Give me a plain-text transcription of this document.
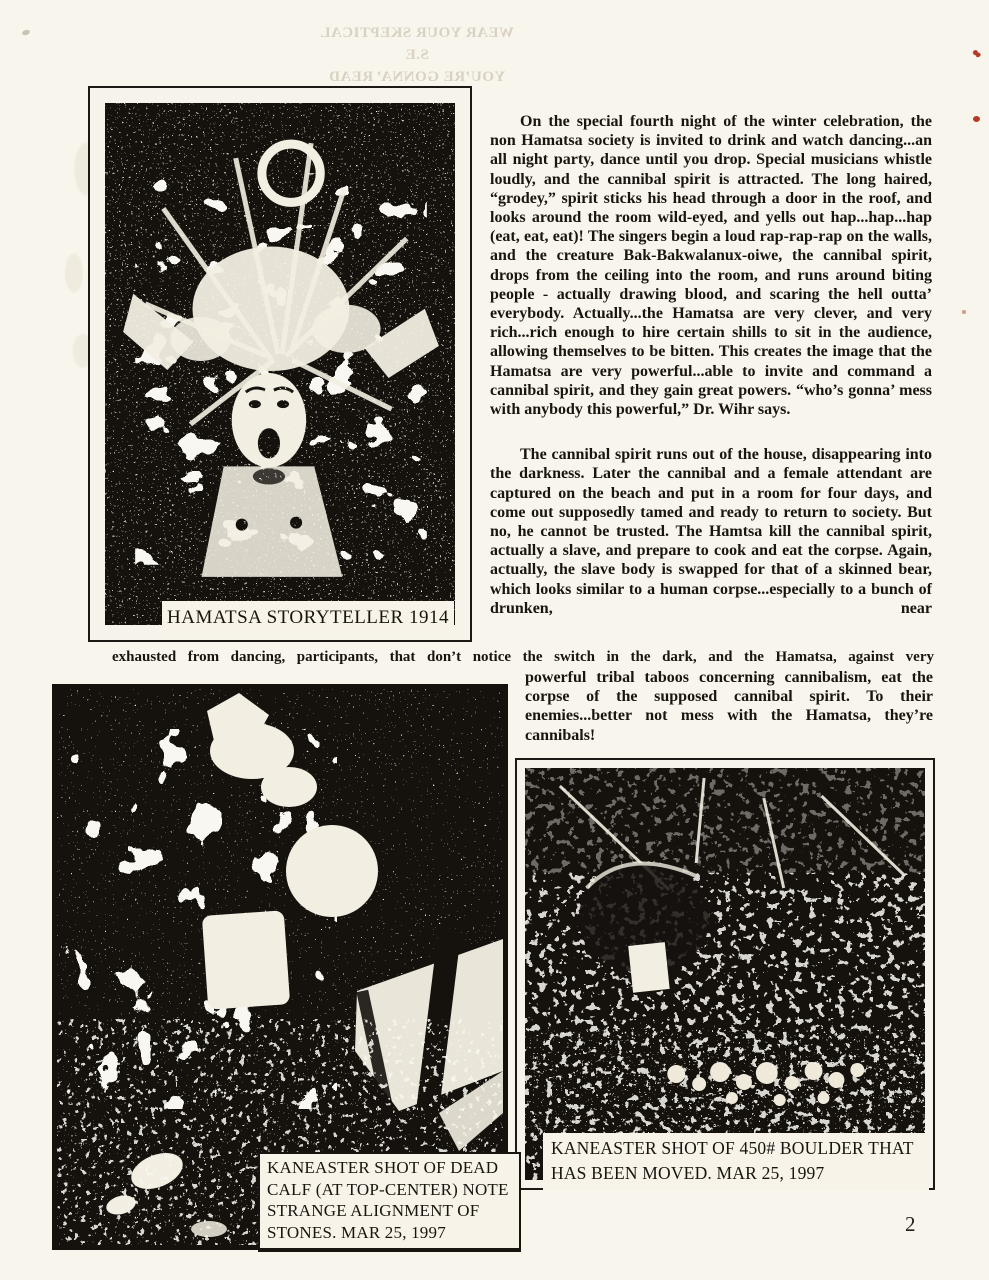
WEAR YOUR SKEPTICAL S.E
YOU’RE GONNA’ READ
HAMATSA STORYTELLER 1914

On the special fourth night of the winter celebration, the non Hamatsa society is invited to drink and watch dancing...an all night party, dance until you drop. Special musicians whistle loudly, and the cannibal spirit is attracted. The long haired, “grodey,” spirit sticks his head through a door in the roof, and looks around the room wild-eyed, and yells out hap...hap...hap (eat, eat, eat)! The singers begin a loud rap-rap-rap on the walls, and the creature Bak-Bakwalanux-oiwe, the cannibal spirit, drops from the ceiling into the room, and runs around biting people - actually drawing blood, and scaring the hell outta’ everybody. Actually...the Hamatsa are very clever, and very rich...rich enough to hire certain shills to sit in the audience, allowing themselves to be bitten. This creates the image that the Hamatsa are very powerful...able to invite and command a cannibal spirit, and they gain great powers. “who’s gonna’ mess with anybody this powerful,” Dr. Wihr says.

The cannibal spirit runs out of the house, disappearing into the darkness. Later the cannibal and a female attendant are captured on the beach and put in a room for four days, and come out supposedly tamed and ready to return to society. But no, he cannot be trusted. The Hamtsa kill the cannibal spirit, actually a slave, and prepare to cook and eat the corpse. Again, actually, the slave body is swapped for that of a skinned bear, which looks similar to a human corpse...especially to a bunch of drunken, near

exhausted from dancing, participants, that don’t notice the switch in the dark, and the Hamatsa, against very
powerful tribal taboos concerning cannibalism, eat the corpse of the supposed cannibal spirit. To their enemies...better not mess with the Hamatsa, they’re cannibals!
KANEASTER SHOT OF DEAD CALF (AT TOP-CENTER) NOTE STRANGE ALIGNMENT OF STONES. MAR 25, 1997
KANEASTER SHOT OF 450# BOULDER THAT HAS BEEN MOVED. MAR 25, 1997
2
